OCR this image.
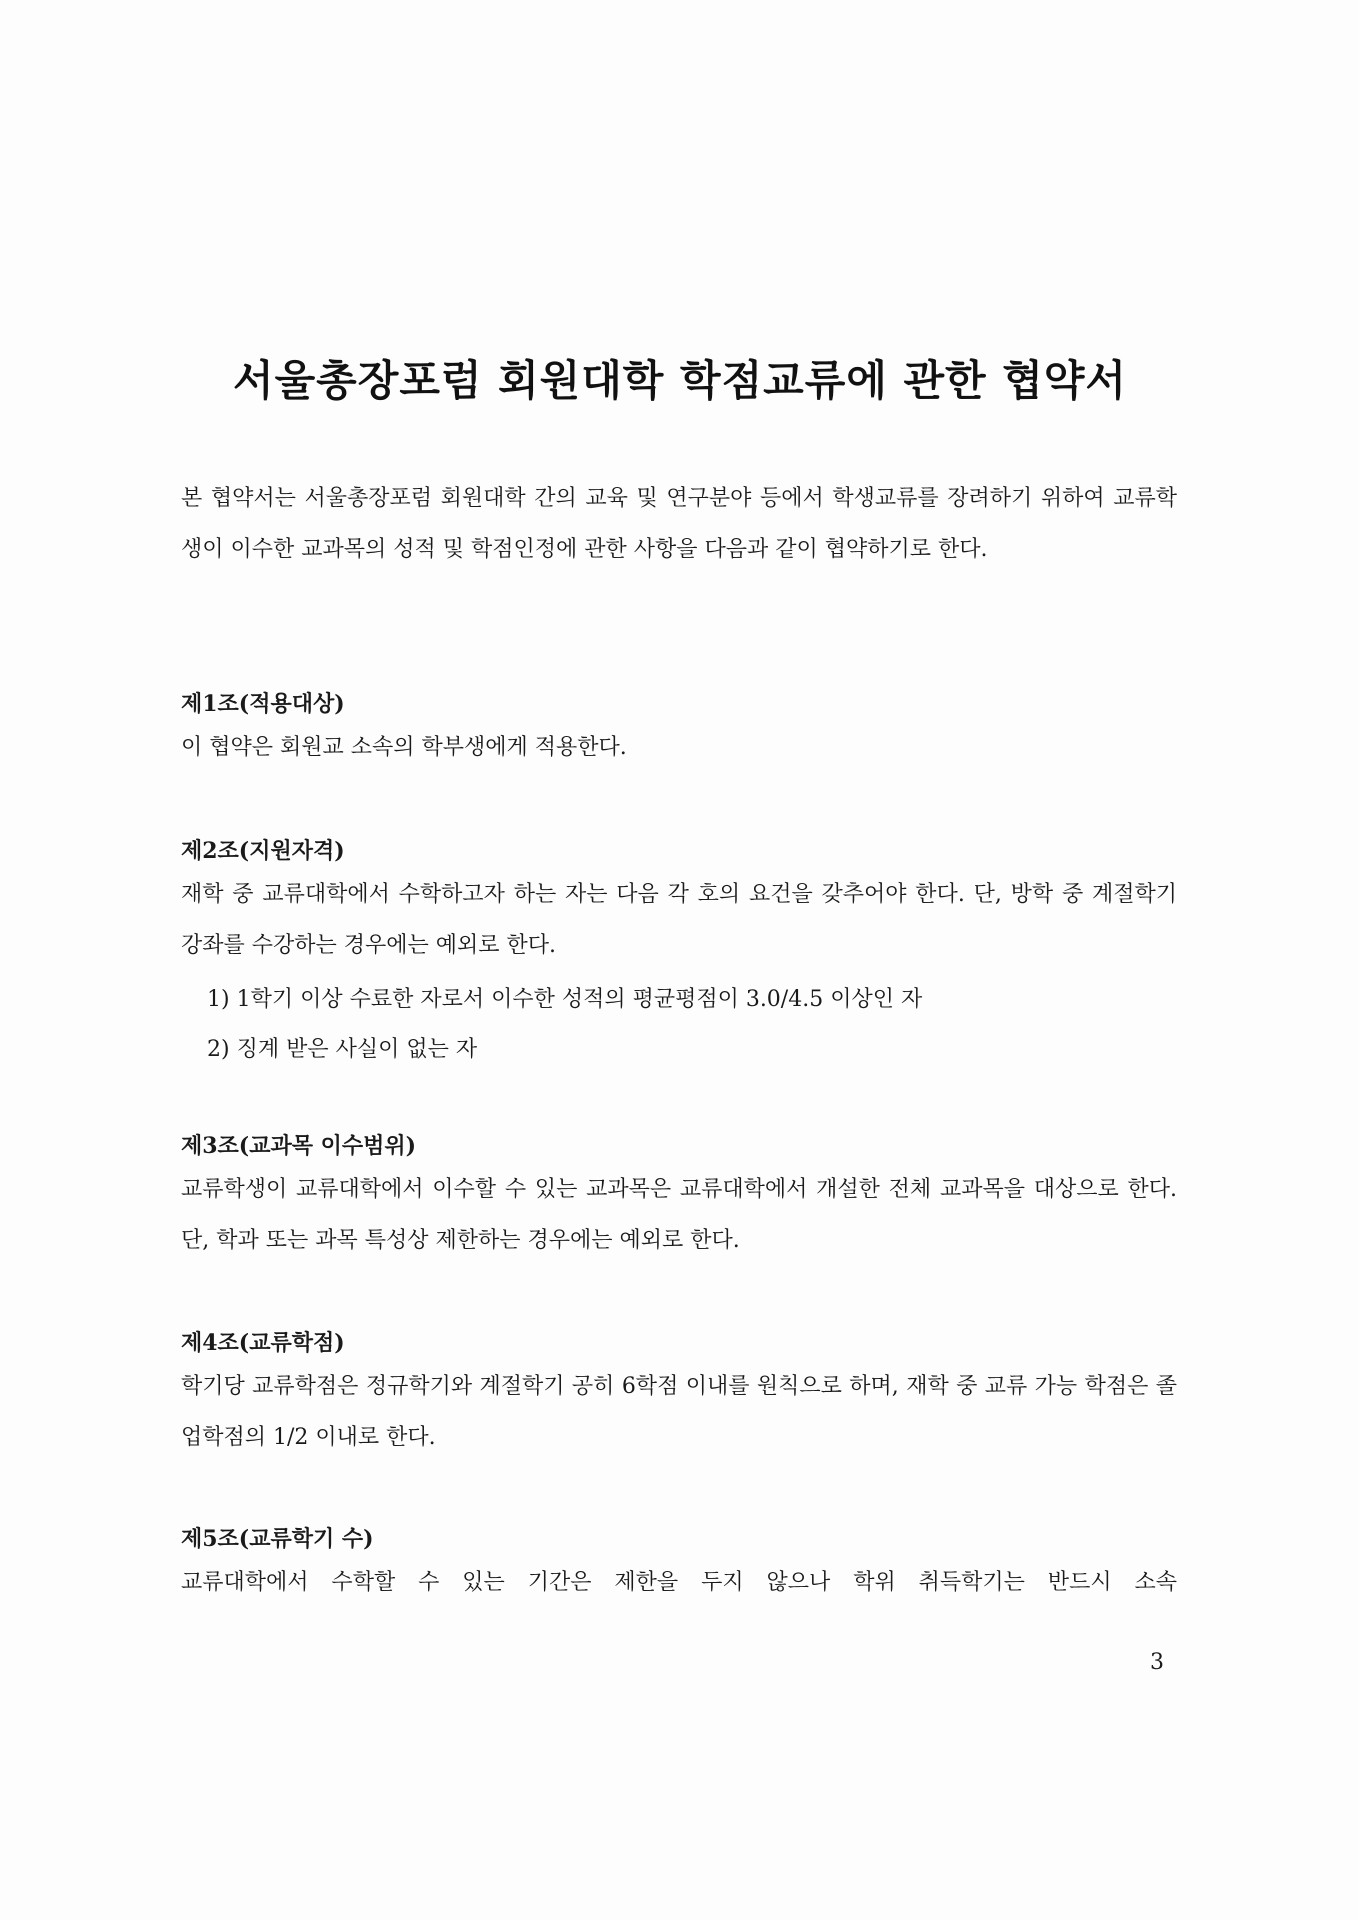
서울총장포럼 회원대학 학점교류에 관한 협약서

본 협약서는 서울총장포럼 회원대학 간의 교육 및 연구분야 등에서 학생교류를 장려하기 위하여 교류학생이 이수한 교과목의 성적 및 학점인정에 관한 사항을 다음과 같이 협약하기로 한다.

제1조(적용대상)

이 협약은 회원교 소속의 학부생에게 적용한다.

제2조(지원자격)

재학 중 교류대학에서 수학하고자 하는 자는 다음 각 호의 요건을 갖추어야 한다. 단, 방학 중 계절학기 강좌를 수강하는 경우에는 예외로 한다.

1) 1학기 이상 수료한 자로서 이수한 성적의 평균평점이 3.0/4.5 이상인 자

2) 징계 받은 사실이 없는 자

제3조(교과목 이수범위)

교류학생이 교류대학에서 이수할 수 있는 교과목은 교류대학에서 개설한 전체 교과목을 대상으로 한다. 단, 학과 또는 과목 특성상 제한하는 경우에는 예외로 한다.

제4조(교류학점)

학기당 교류학점은 정규학기와 계절학기 공히 6학점 이내를 원칙으로 하며, 재학 중 교류 가능 학점은 졸업학점의 1/2 이내로 한다.

제5조(교류학기 수)

교류대학에서 수학할 수 있는 기간은 제한을 두지 않으나 학위 취득학기는 반드시 소속

3
